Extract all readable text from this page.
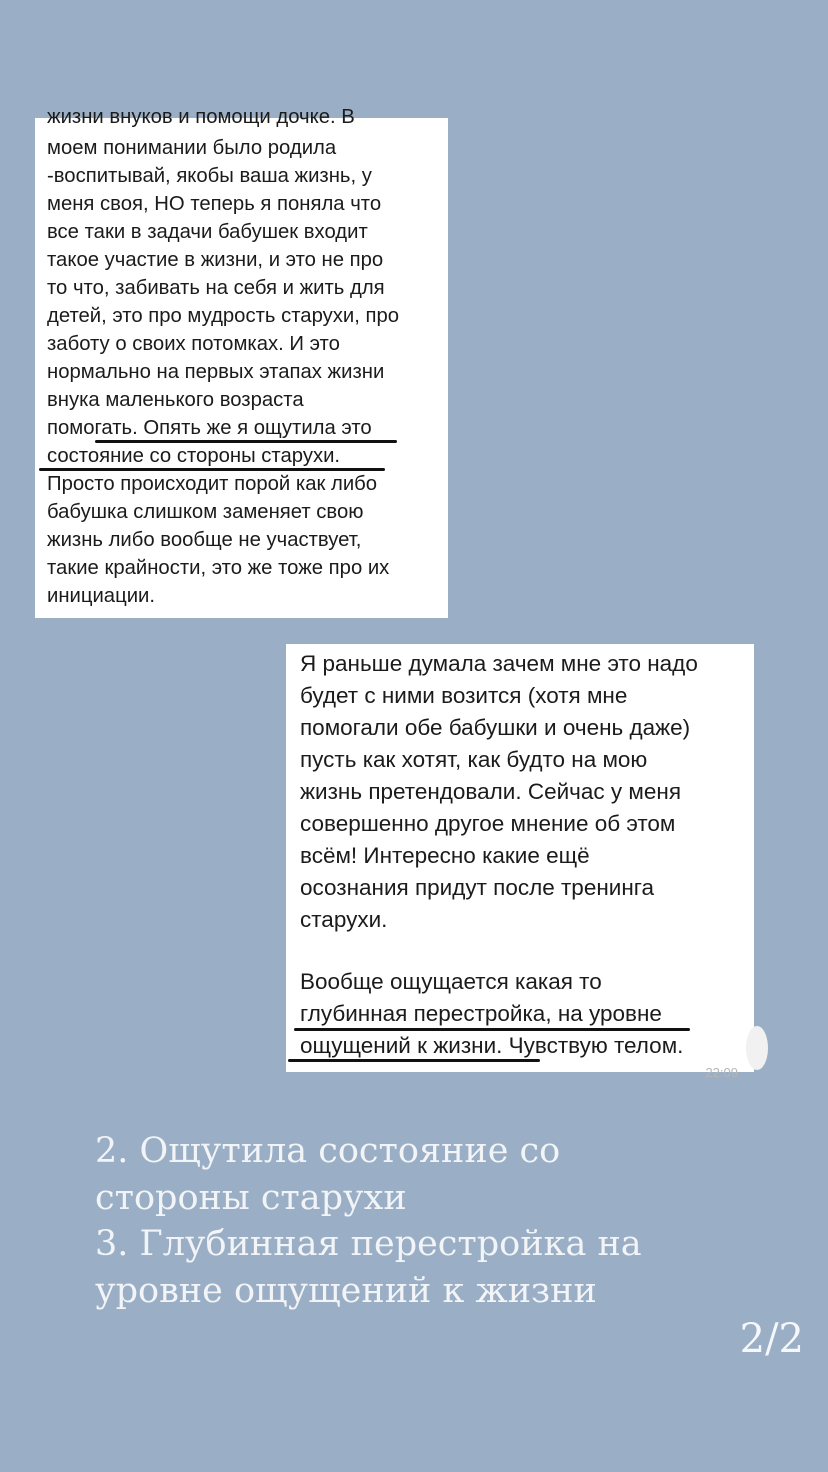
жизни внуков и помощи дочке. В
моем понимании было родила
-воспитывай, якобы ваша жизнь, у
меня своя, НО теперь я поняла что
все таки в задачи бабушек входит
такое участие в жизни, и это не про
то что, забивать на себя и жить для
детей, это про мудрость старухи, про
заботу о своих потомках. И это
нормально на первых этапах жизни
внука маленького возраста
помогать. Опять же я ощутила это
состояние со стороны старухи.
Просто происходит порой как либо
бабушка слишком заменяет свою
жизнь либо вообще не участвует,
такие крайности, это же тоже про их
инициации.
Я раньше думала зачем мне это надо
будет с ними возится (хотя мне
помогали обе бабушки и очень даже)
пусть как хотят, как будто на мою
жизнь претендовали. Сейчас у меня
совершенно другое мнение об этом
всём! Интересно какие ещё
осознания придут после тренинга
старухи.
Вообще ощущается какая то
глубинная перестройка, на уровне
ощущений к жизни. Чувствую телом.
22:09
2. Ощутила состояние со
стороны старухи
3. Глубинная перестройка на
уровне ощущений к жизни
2/2
